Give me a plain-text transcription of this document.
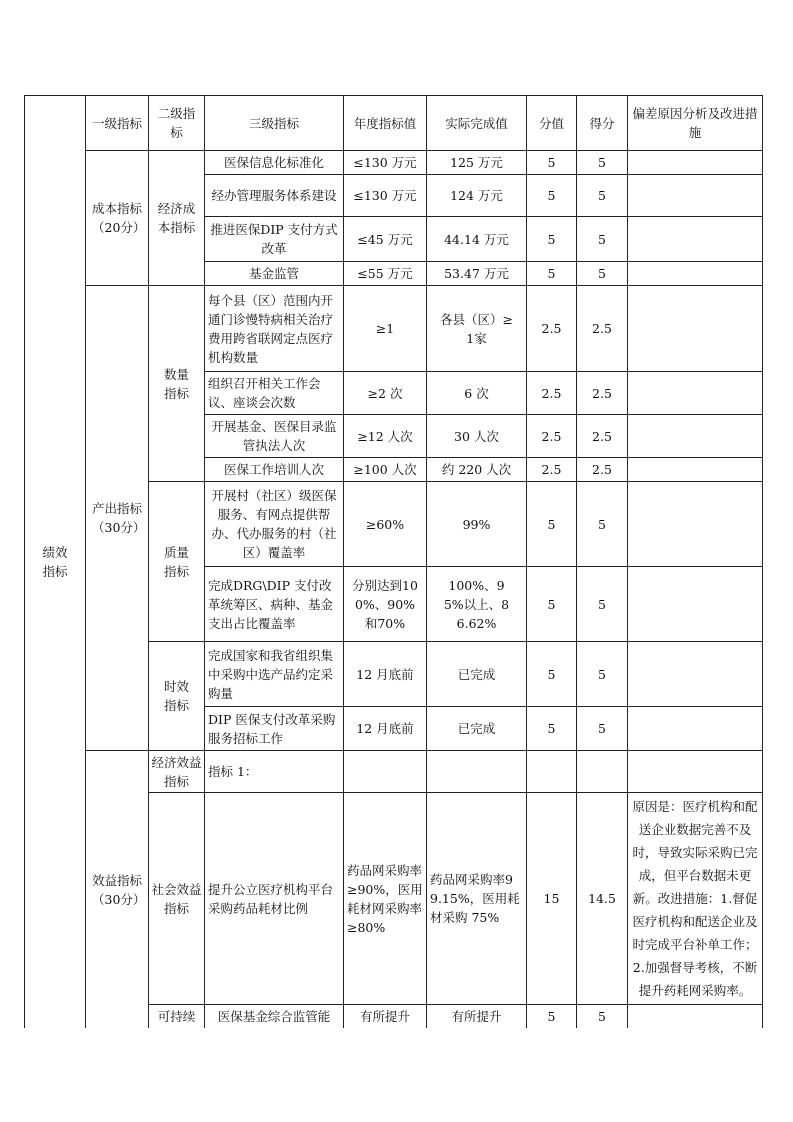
绩效指标	一级指标	二级指标	三级指标	年度指标值	实际完成值	分值	得分	偏差原因分析及改进措施
	成本指标（20分）	经济成本指标	医保信息化标准化	≤130 万元	125 万元	5	5	
			经办管理服务体系建设	≤130 万元	124 万元	5	5	
			推进医保DIP 支付方式改革	≤45 万元	44.14 万元	5	5	
			基金监管	≤55 万元	53.47 万元	5	5	
	产出指标（30分）	数量指标	每个县（区）范围内开通门诊慢特病相关治疗费用跨省联网定点医疗机构数量	≥1	各县（区）≥1家	2.5	2.5	
			组织召开相关工作会议、座谈会次数	≥2 次	6 次	2.5	2.5	
			开展基金、医保目录监管执法人次	≥12 人次	30 人次	2.5	2.5	
			医保工作培训人次	≥100 人次	约 220 人次	2.5	2.5	
		质量指标	开展村（社区）级医保服务、有网点提供帮办、代办服务的村（社区）覆盖率	≥60%	99%	5	5	
			完成DRG\DIP 支付改革统筹区、病种、基金支出占比覆盖率	分别达到100%、90%和70%	100%、95%以上、86.62%	5	5	
		时效指标	完成国家和我省组织集中采购中选产品约定采购量	12 月底前	已完成	5	5	
			DIP 医保支付改革采购服务招标工作	12 月底前	已完成	5	5	
	效益指标（30分）	经济效益指标	指标 1：					
		社会效益指标	提升公立医疗机构平台采购药品耗材比例	药品网采购率≥90%，医用耗材网采购率≥80%	药品网采购率99.15%，医用耗材采购 75%	15	14.5	原因是：医疗机构和配送企业数据完善不及时，导致实际采购已完成，但平台数据未更新。改进措施：1.督促医疗机构和配送企业及时完成平台补单工作；2.加强督导考核，不断提升药耗网采购率。
		可持续	医保基金综合监管能	有所提升	有所提升	5	5	
